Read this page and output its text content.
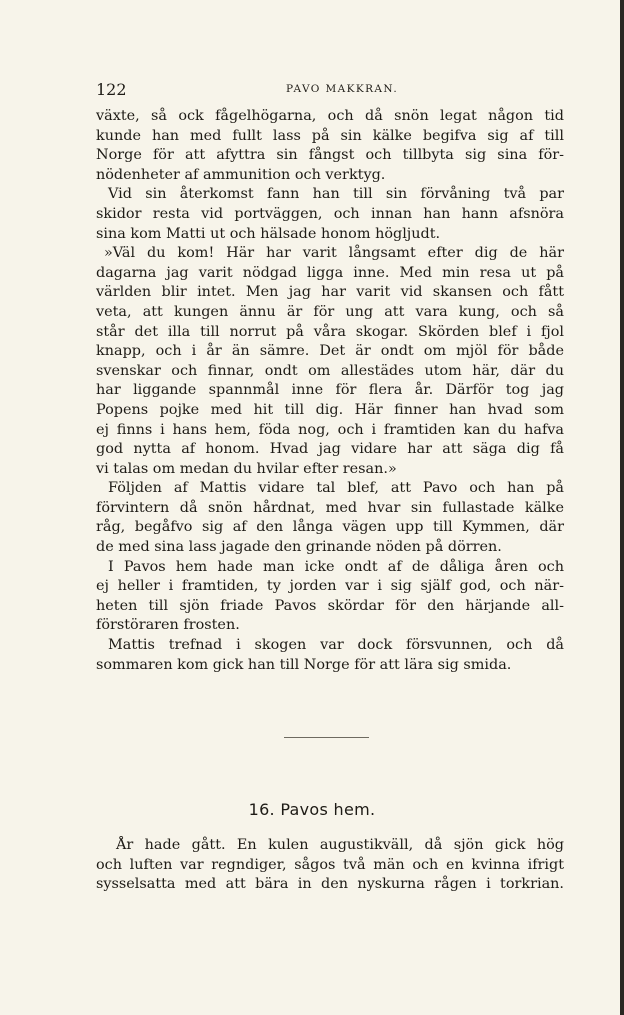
122	PAVO MAKKRAN.
växte, så ock fågelhögarna, och då snön legat någon tid
kunde han med fullt lass på sin kälke begifva sig af till
Norge för att afyttra sin fångst och tillbyta sig sina för-
nödenheter af ammunition och verktyg.
Vid sin återkomst fann han till sin förvåning två par
skidor resta vid portväggen, och innan han hann afsnöra
sina kom Matti ut och hälsade honom högljudt.
»Väl du kom! Här har varit långsamt efter dig de här
dagarna jag varit nödgad ligga inne. Med min resa ut på
världen blir intet. Men jag har varit vid skansen och fått
veta, att kungen ännu är för ung att vara kung, och så
står det illa till norrut på våra skogar. Skörden blef i fjol
knapp, och i år än sämre. Det är ondt om mjöl för både
svenskar och finnar, ondt om allestädes utom här, där du
har liggande spannmål inne för flera år. Därför tog jag
Popens pojke med hit till dig. Här finner han hvad som
ej finns i hans hem, föda nog, och i framtiden kan du hafva
god nytta af honom. Hvad jag vidare har att säga dig få
vi talas om medan du hvilar efter resan.»
Följden af Mattis vidare tal blef, att Pavo och han på
förvintern då snön hårdnat, med hvar sin fullastade kälke
råg, begåfvo sig af den långa vägen upp till Kymmen, där
de med sina lass jagade den grinande nöden på dörren.
I Pavos hem hade man icke ondt af de dåliga åren och
ej heller i framtiden, ty jorden var i sig själf god, och när-
heten till sjön friade Pavos skördar för den härjande all-
förstöraren frosten.
Mattis trefnad i skogen var dock försvunnen, och då
sommaren kom gick han till Norge för att lära sig smida.
16. Pavos hem.
År hade gått. En kulen augustikväll, då sjön gick hög
och luften var regndiger, sågos två män och en kvinna ifrigt
sysselsatta med att bära in den nyskurna rågen i torkrian.
